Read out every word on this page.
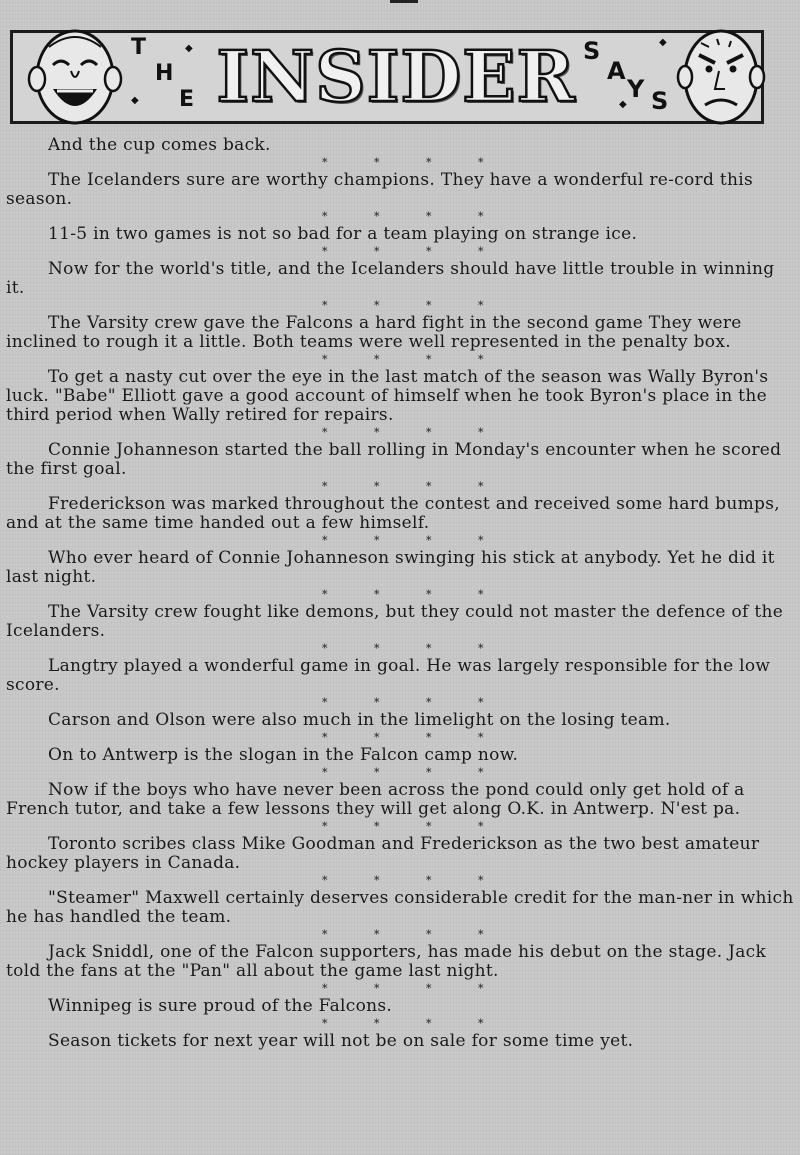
T
H
E
◆
◆ INSIDER S
A
Y S
◆
◆

And the cup comes back.

*	*	*	*

The Icelanders sure are worthy champions. They have a wonderful re-cord this season.

*	*	*	*

11-5 in two games is not so bad for a team playing on strange ice.

*	*	*	*

Now for the world's title, and the Icelanders should have little trouble in winning it.

*	*	*	*

The Varsity crew gave the Falcons a hard fight in the second game They were inclined to rough it a little. Both teams were well represented in the penalty box.

*	*	*	*

To get a nasty cut over the eye in the last match of the season was Wally Byron's luck. "Babe" Elliott gave a good account of himself when he took Byron's place in the third period when Wally retired for repairs.

*	*	*	*

Connie Johanneson started the ball rolling in Monday's encounter when he scored the first goal.

*	*	*	*

Frederickson was marked throughout the contest and received some hard bumps, and at the same time handed out a few himself.

*	*	*	*

Who ever heard of Connie Johanneson swinging his stick at anybody. Yet he did it last night.

*	*	*	*

The Varsity crew fought like demons, but they could not master the defence of the Icelanders.

*	*	*	*

Langtry played a wonderful game in goal. He was largely responsible for the low score.

*	*	*	*

Carson and Olson were also much in the limelight on the losing team.

*	*	*	*

On to Antwerp is the slogan in the Falcon camp now.

*	*	*	*

Now if the boys who have never been across the pond could only get hold of a French tutor, and take a few lessons they will get along O.K. in Antwerp. N'est pa.

*	*	*	*

Toronto scribes class Mike Goodman and Frederickson as the two best amateur hockey players in Canada.

*	*	*	*

"Steamer" Maxwell certainly deserves considerable credit for the man-ner in which he has handled the team.

*	*	*	*

Jack Sniddl, one of the Falcon supporters, has made his debut on the stage. Jack told the fans at the "Pan" all about the game last night.

*	*	*	*

Winnipeg is sure proud of the Falcons.

*	*	*	*

Season tickets for next year will not be on sale for some time yet.
